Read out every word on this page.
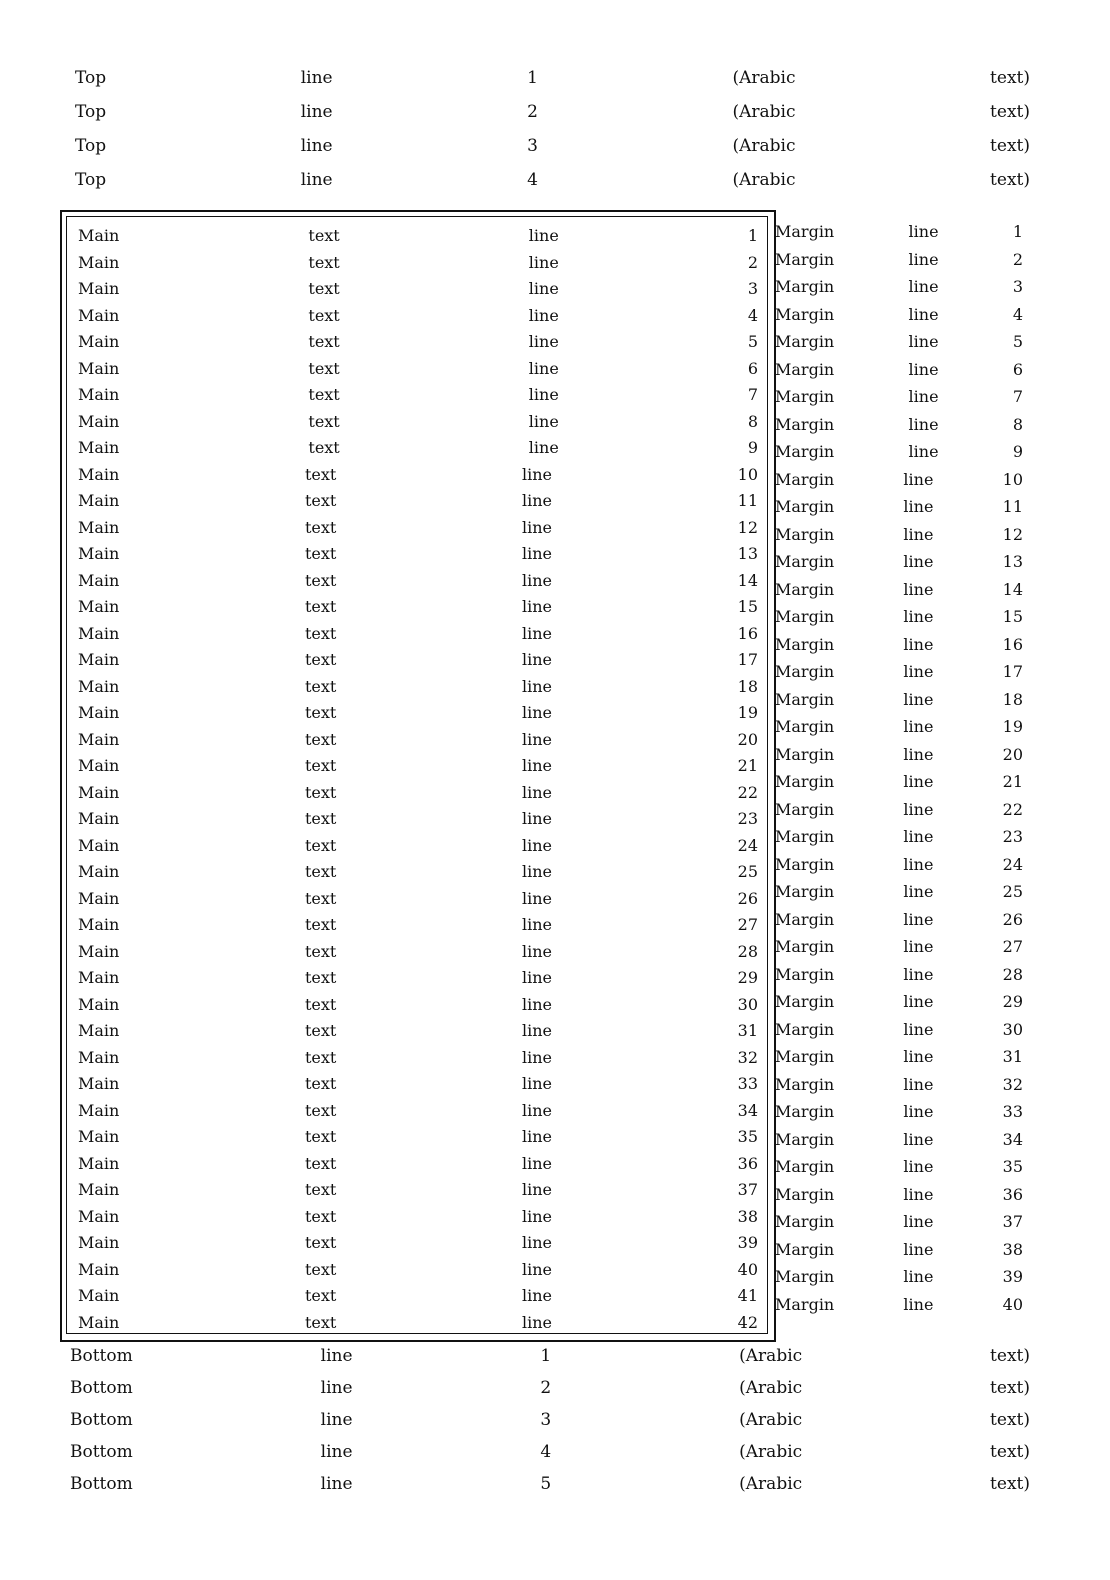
Top line 1 (Arabic text)
Top line 2 (Arabic text)
Top line 3 (Arabic text)
Top line 4 (Arabic text)
Main text line 1
Main text line 2
Main text line 3
Main text line 4
Main text line 5
Main text line 6
Main text line 7
Main text line 8
Main text line 9
Main text line 10
Main text line 11
Main text line 12
Main text line 13
Main text line 14
Main text line 15
Main text line 16
Main text line 17
Main text line 18
Main text line 19
Main text line 20
Main text line 21
Main text line 22
Main text line 23
Main text line 24
Main text line 25
Main text line 26
Main text line 27
Main text line 28
Main text line 29
Main text line 30
Main text line 31
Main text line 32
Main text line 33
Main text line 34
Main text line 35
Main text line 36
Main text line 37
Main text line 38
Main text line 39
Main text line 40
Main text line 41
Main text line 42
Margin line 1
Margin line 2
Margin line 3
Margin line 4
Margin line 5
Margin line 6
Margin line 7
Margin line 8
Margin line 9
Margin line 10
Margin line 11
Margin line 12
Margin line 13
Margin line 14
Margin line 15
Margin line 16
Margin line 17
Margin line 18
Margin line 19
Margin line 20
Margin line 21
Margin line 22
Margin line 23
Margin line 24
Margin line 25
Margin line 26
Margin line 27
Margin line 28
Margin line 29
Margin line 30
Margin line 31
Margin line 32
Margin line 33
Margin line 34
Margin line 35
Margin line 36
Margin line 37
Margin line 38
Margin line 39
Margin line 40
Bottom line 1 (Arabic text)
Bottom line 2 (Arabic text)
Bottom line 3 (Arabic text)
Bottom line 4 (Arabic text)
Bottom line 5 (Arabic text)
